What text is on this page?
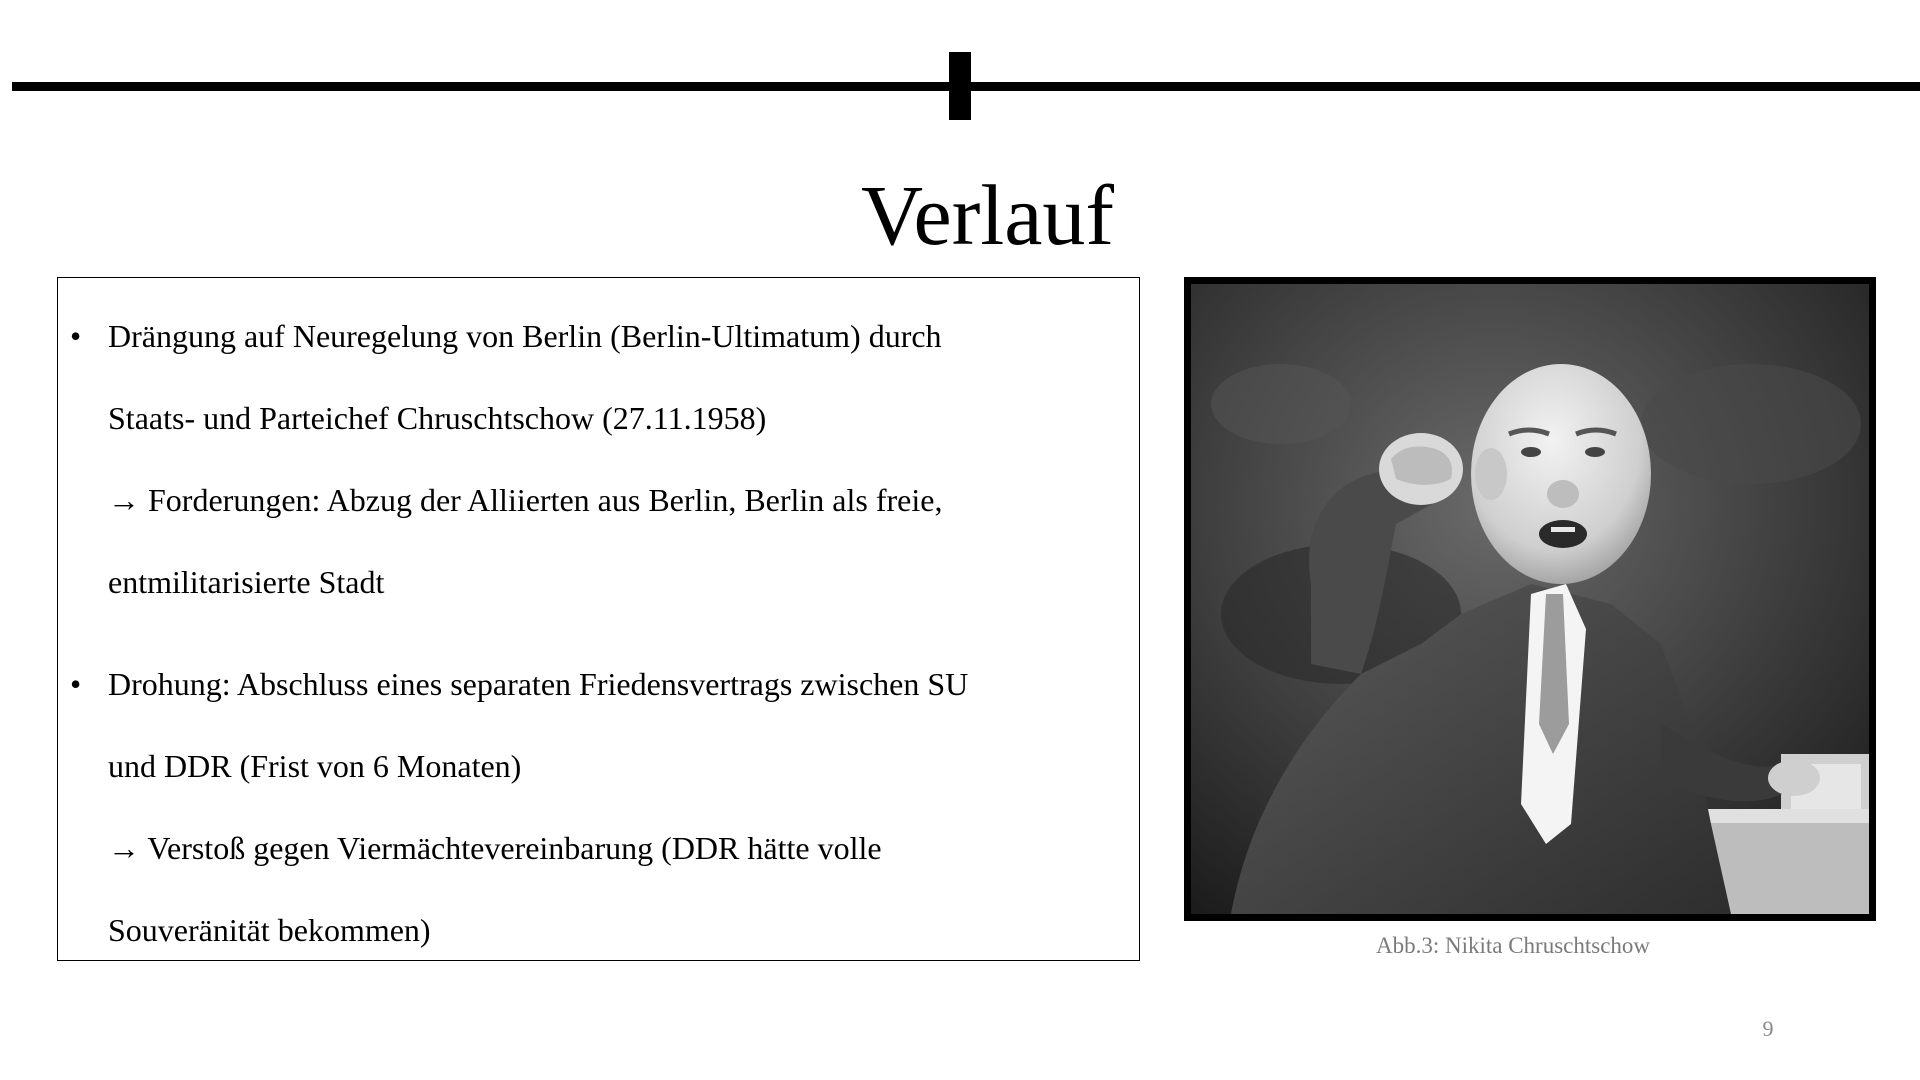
Verlauf
• Drängung auf Neuregelung von Berlin (Berlin-Ultimatum) durch
Staats- und Parteichef Chruschtschow (27.11.1958)
→ Forderungen: Abzug der Alliierten aus Berlin, Berlin als freie,
entmilitarisierte Stadt
• Drohung: Abschluss eines separaten Friedensvertrags zwischen SU
und DDR (Frist von 6 Monaten)
→ Verstoß gegen Viermächtevereinbarung (DDR hätte volle
Souveränität bekommen)	Abb.3: Nikita Chruschtschow
9
